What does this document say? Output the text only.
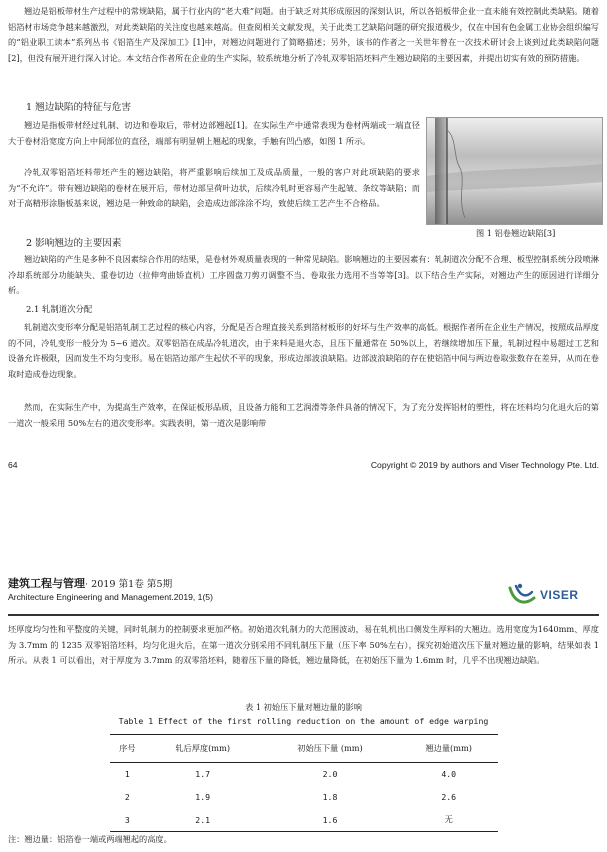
翘边是铝板带材生产过程中的常规缺陷，属于行业内的“老大难”问题。由于缺乏对其形成原因的深刻认识，所以各铝板带企业一直未能有效控制此类缺陷。随着铝箔材市场竞争越来越激烈，对此类缺陷的关注度也越来越高。但查阅相关文献发现，关于此类工艺缺陷问题的研究报道极少，仅在中国有色金属工业协会组织编写的“铝业职工读本”系列丛书《铝箔生产及深加工》[1]中，对翘边问题进行了简略描述；另外，该书的作者之一关世年曾在一次技术研讨会上谈到过此类缺陷问题[2]，但没有展开进行深入讨论。本文结合作者所在企业的生产实际，较系统地分析了冷轧双零铝箔坯料产生翘边缺陷的主要因素，并提出切实有效的预防措施。

1 翘边缺陷的特征与危害

翘边是指板带材经过轧制、切边和卷取后，带材边部翘起[1]。在实际生产中通常表现为卷材两端或一端直径大于卷材沿宽度方向上中间部位的直径，端部有明显朝上翘起的现象，手触有凹凸感，如图 1 所示。

冷轧双零铝箔坯料带坯产生的翘边缺陷，将严重影响后续加工及成品质量，一般的客户对此项缺陷的要求为“不允许”。带有翘边缺陷的卷材在展开后，带材边部呈荷叶边状，后续冷轧时更容易产生起皱、条纹等缺陷；而对于高精形涂脂板基来说，翘边是一种致命的缺陷，会造成边部涂涂不均，致使后续工艺产生不合格品。

图 1 铝卷翘边缺陷[3]
2 影响翘边的主要因素

翘边缺陷的产生是多种不良因素综合作用的结果，是卷材外观质量表现的一种常见缺陷。影响翘边的主要因素有：轧制道次分配不合理、板型控制系统分段喷淋冷却系统部分功能缺失、重卷切边（拉伸弯曲矫直机）工序圆盘刀剪刃调整不当、卷取张力选用不当等等[3]。以下结合生产实际，对翘边产生的原因进行详细分析。

2.1 轧制道次分配

轧制道次变形率分配是铝箔轧制工艺过程的核心内容，分配是否合理直接关系到箔材板形的好坏与生产效率的高低。根据作者所在企业生产情况，按照成品厚度的不同，冷轧变形一般分为 5~6 道次。双零铝箔在成品冷轧道次，由于来料是退火态，且压下量通常在 50%以上，若继续增加压下量，轧制过程中易超过工艺和设备允许极限，因而发生不均匀变形。易在铝箔边部产生起伏不平的现象，形成边部波浪缺陷。边部波浪缺陷的存在使铝箔中间与两边卷取张数存在差异，从而在卷取时造成卷边现象。

然而，在实际生产中，为提高生产效率，在保证板形品质，且设备力能和工艺润滑等条件具备的情况下，为了充分发挥铝材的塑性，将在坯料均匀化退火后的第一道次一般采用 50%左右的道次变形率。实践表明，第一道次是影响带

64	Copyright © 2019 by authors and Viser Technology Pte. Ltd.
建筑工程与管理· 2019 第1卷 第5期
Architecture Engineering and Management.2019, 1(5)	VISER

坯厚度均匀性和平整度的关键，同时轧制力的控制要求更加严格。初始道次轧制力的大范围波动，易在轧机出口侧发生厚料的大翘边。选用宽度为1640mm、厚度为 3.7mm 的 1235 双零铝箔坯料，均匀化退火后，在第一道次分别采用不同轧制压下量（压下率 50%左右），探究初始道次压下量对翘边量的影响，结果如表 1 所示。从表 1 可以看出，对于厚度为 3.7mm 的双零箔坯料，随着压下量的降低，翘边量降低，在初始压下量为 1.6mm 时，几乎不出现翘边缺陷。

表 1 初始压下量对翘边量的影响
Table 1 Effect of the first rolling reduction on the amount of edge warping
序号	轧后厚度(mm)	初始压下量 (mm)	翘边量(mm)
1	1.7	2.0	4.0
2	1.9	1.8	2.6
3	2.1	1.6	无
注：翘边量：铝箔卷一端或两端翘起的高度。
